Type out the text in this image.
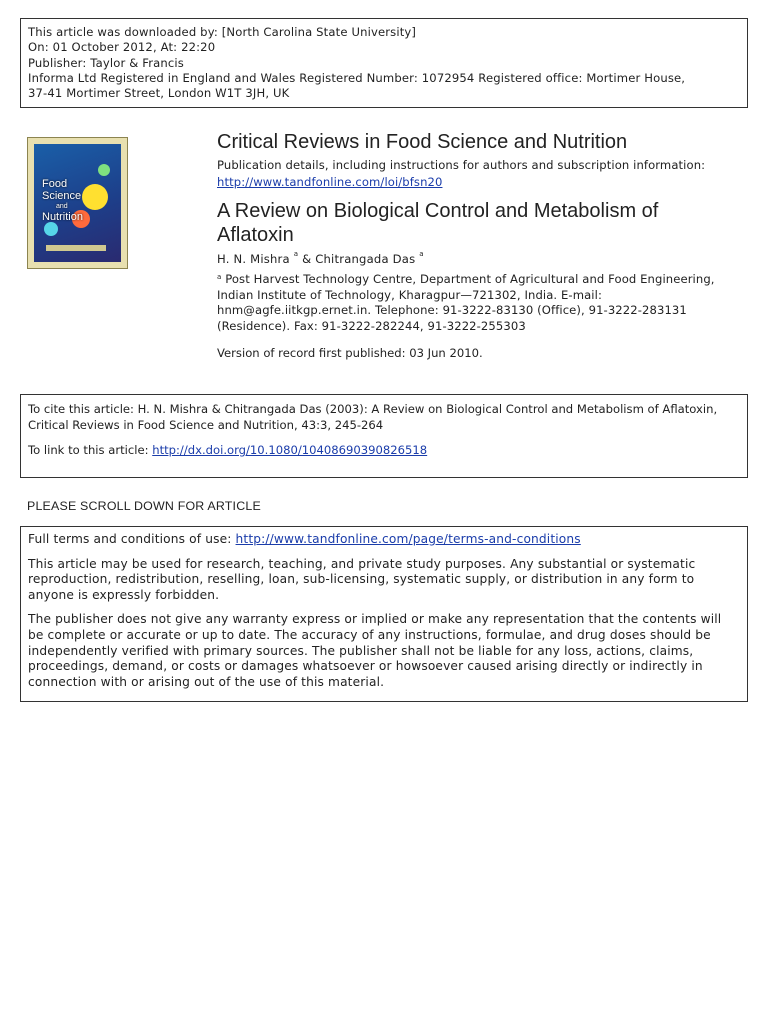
This article was downloaded by: [North Carolina State University]
On: 01 October 2012, At: 22:20
Publisher: Taylor & Francis
Informa Ltd Registered in England and Wales Registered Number: 1072954 Registered office: Mortimer House,
37-41 Mortimer Street, London W1T 3JH, UK
Food
Science

and
Nutrition
Critical Reviews in Food Science and Nutrition
Publication details, including instructions for authors and subscription information:
http://www.tandfonline.com/loi/bfsn20
A Review on Biological Control and Metabolism of Aflatoxin
H. N. Mishra $^a$ & Chitrangada Das $^a$
$^a$ Post Harvest Technology Centre, Department of Agricultural and Food Engineering, Indian Institute of Technology, Kharagpur—721302, India. E-mail: hnm@agfe.iitkgp.ernet.in. Telephone: 91-3222-83130 (Office), 91-3222-283131 (Residence). Fax: 91-3222-282244, 91-3222-255303
Version of record first published: 03 Jun 2010.
To cite this article: H. N. Mishra & Chitrangada Das (2003): A Review on Biological Control and Metabolism of Aflatoxin, Critical Reviews in Food Science and Nutrition, 43:3, 245-264
To link to this article: http://dx.doi.org/10.1080/10408690390826518
PLEASE SCROLL DOWN FOR ARTICLE

Full terms and conditions of use: http://www.tandfonline.com/page/terms-and-conditions

This article may be used for research, teaching, and private study purposes. Any substantial or systematic reproduction, redistribution, reselling, loan, sub-licensing, systematic supply, or distribution in any form to anyone is expressly forbidden.

The publisher does not give any warranty express or implied or make any representation that the contents will be complete or accurate or up to date. The accuracy of any instructions, formulae, and drug doses should be independently verified with primary sources. The publisher shall not be liable for any loss, actions, claims, proceedings, demand, or costs or damages whatsoever or howsoever caused arising directly or indirectly in connection with or arising out of the use of this material.
